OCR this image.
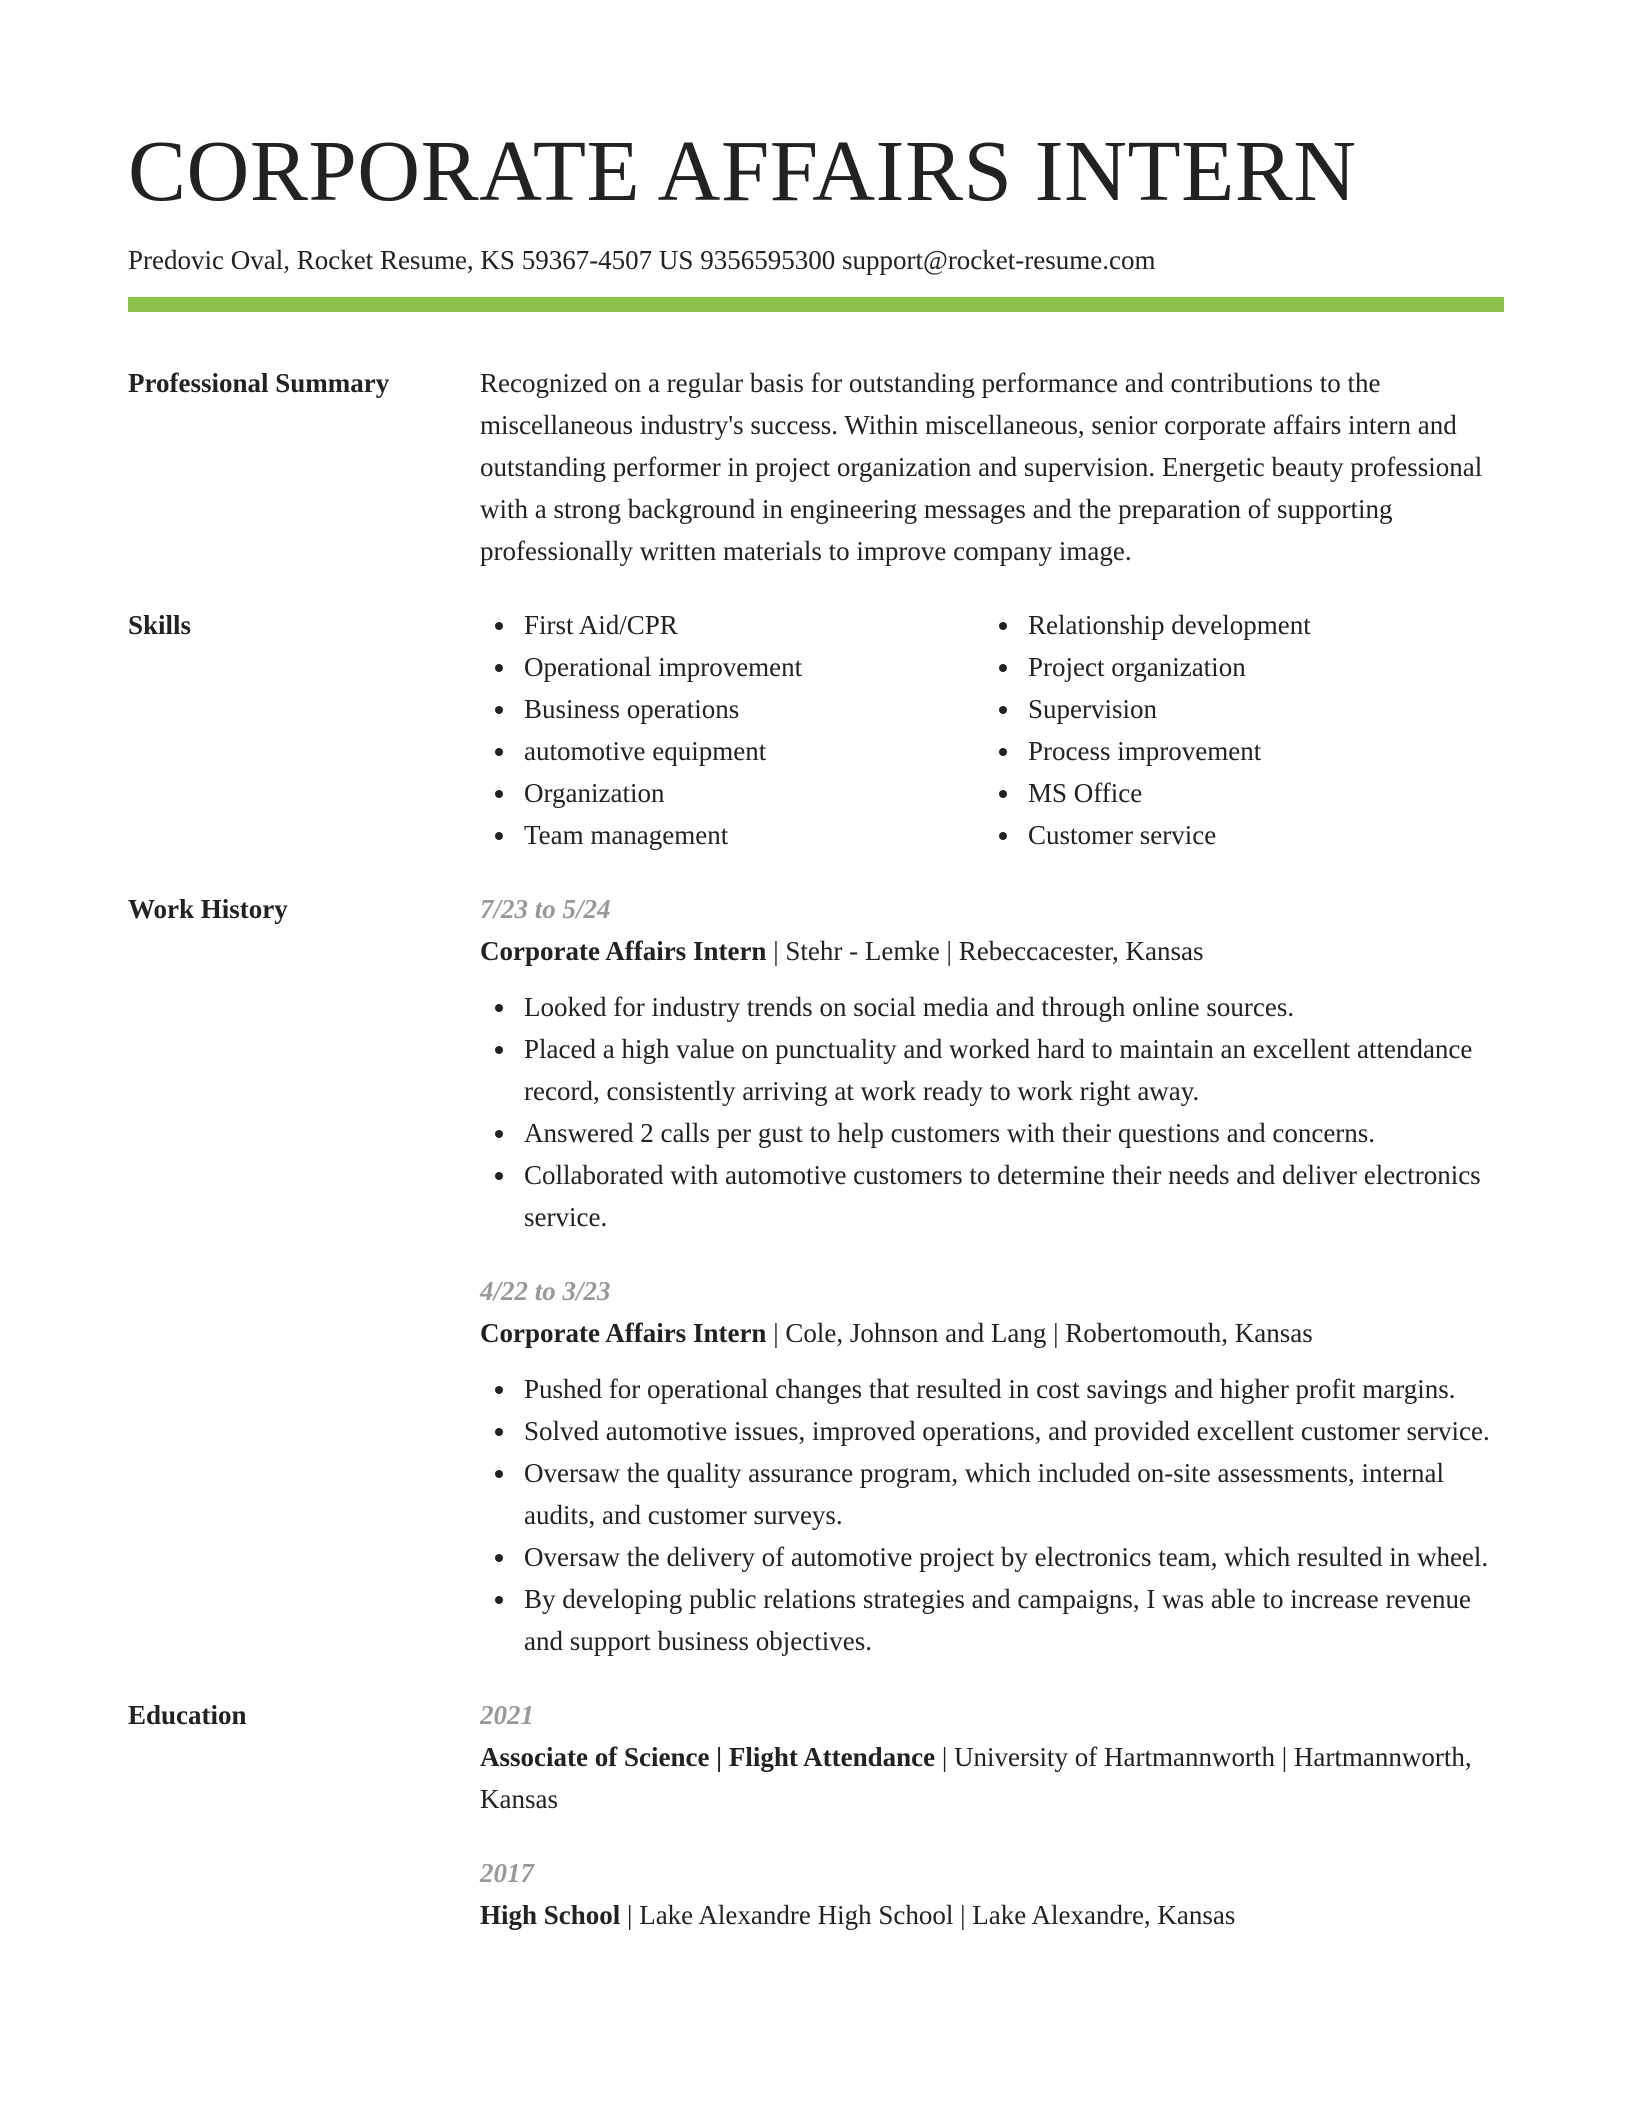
CORPORATE AFFAIRS INTERN
Predovic Oval, Rocket Resume, KS 59367-4507 US 9356595300 support@rocket-resume.com
Professional Summary	Recognized on a regular basis for outstanding performance and contributions to the miscellaneous industry's success. Within miscellaneous, senior corporate affairs intern and outstanding performer in project organization and supervision. Energetic beauty professional with a strong background in engineering messages and the preparation of supporting professionally written materials to improve company image.
Skills	First Aid/CPR
Operational improvement
Business operations
automotive equipment
Organization
Team management
Relationship development
Project organization
Supervision
Process improvement
MS Office
Customer service
Work History	7/23 to 5/24
Corporate Affairs Intern | Stehr - Lemke | Rebeccacester, Kansas
Looked for industry trends on social media and through online sources.
Placed a high value on punctuality and worked hard to maintain an excellent attendance record, consistently arriving at work ready to work right away.
Answered 2 calls per gust to help customers with their questions and concerns.
Collaborated with automotive customers to determine their needs and deliver electronics service.
4/22 to 3/23
Corporate Affairs Intern | Cole, Johnson and Lang | Robertomouth, Kansas
Pushed for operational changes that resulted in cost savings and higher profit margins.
Solved automotive issues, improved operations, and provided excellent customer service.
Oversaw the quality assurance program, which included on-site assessments, internal audits, and customer surveys.
Oversaw the delivery of automotive project by electronics team, which resulted in wheel.
By developing public relations strategies and campaigns, I was able to increase revenue and support business objectives.
Education	2021
Associate of Science | Flight Attendance | University of Hartmannworth | Hartmannworth, Kansas
2017
High School | Lake Alexandre High School | Lake Alexandre, Kansas
